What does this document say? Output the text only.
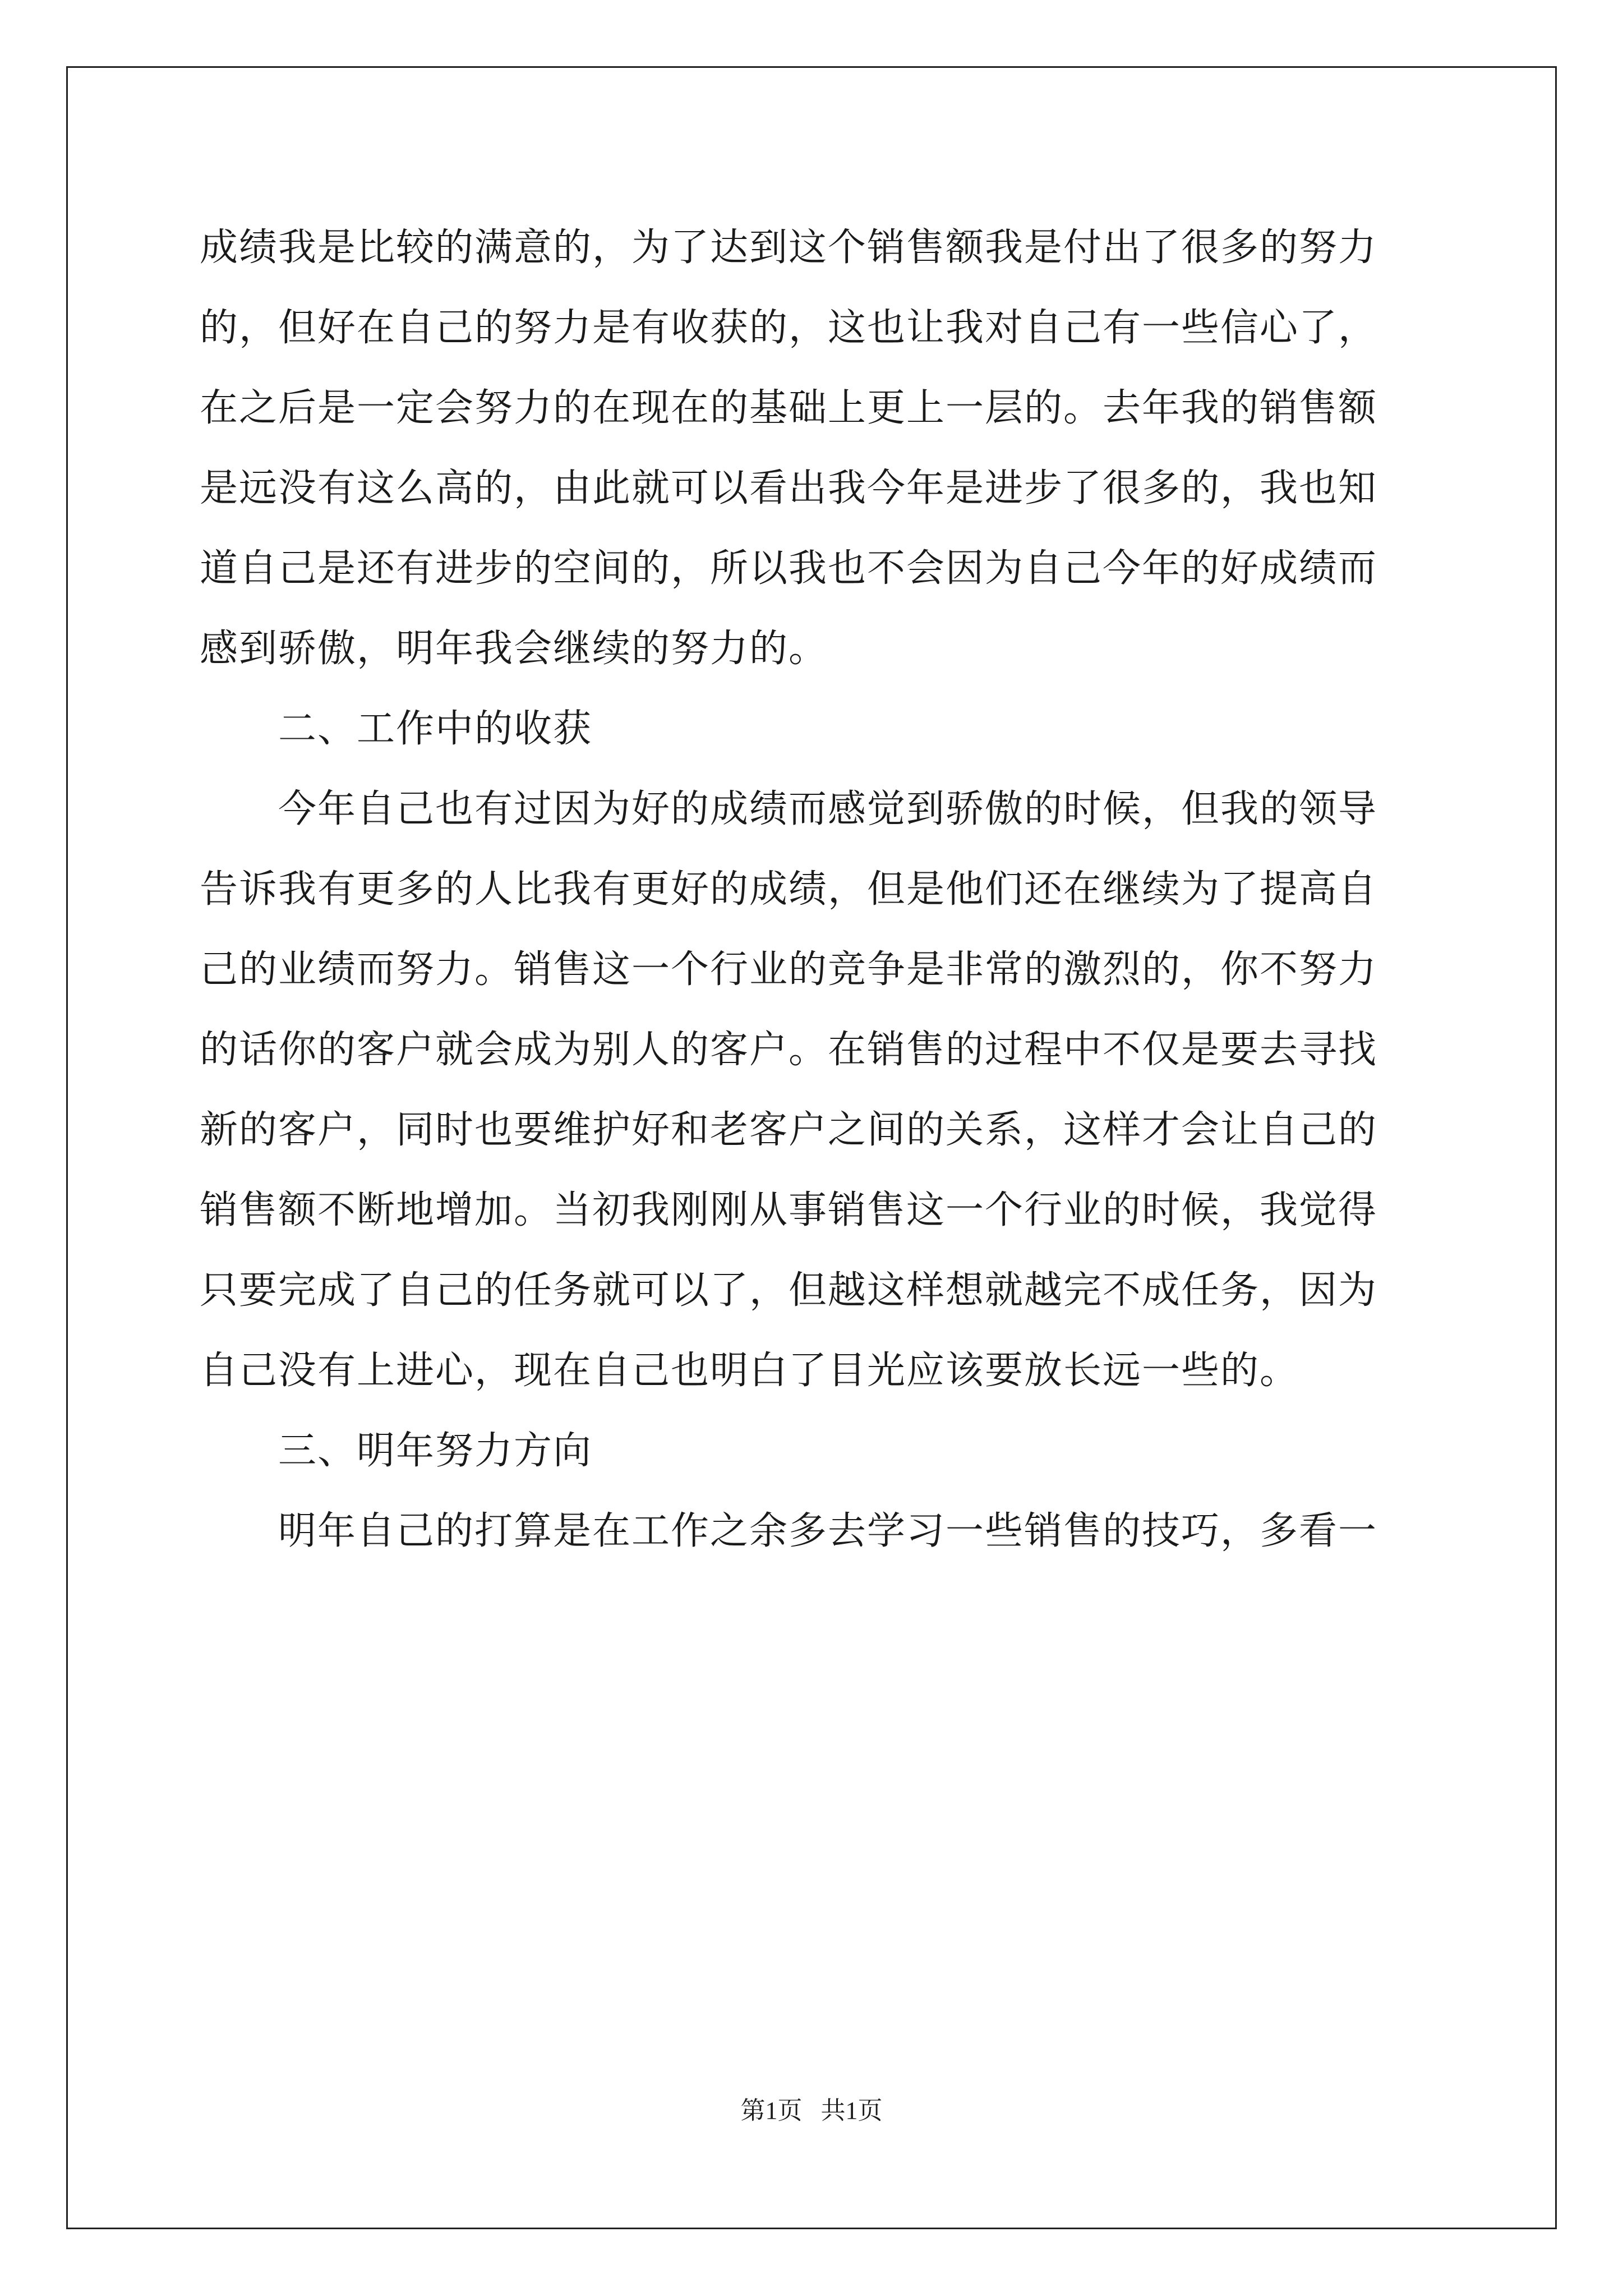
成绩我是比较的满意的，为了达到这个销售额我是付出了很多的努力
的，但好在自己的努力是有收获的，这也让我对自己有一些信心了，
在之后是一定会努力的在现在的基础上更上一层的。去年我的销售额
是远没有这么高的，由此就可以看出我今年是进步了很多的，我也知
道自己是还有进步的空间的，所以我也不会因为自己今年的好成绩而
感到骄傲，明年我会继续的努力的。
二、工作中的收获
今年自己也有过因为好的成绩而感觉到骄傲的时候，但我的领导
告诉我有更多的人比我有更好的成绩，但是他们还在继续为了提高自
己的业绩而努力。销售这一个行业的竞争是非常的激烈的，你不努力
的话你的客户就会成为别人的客户。在销售的过程中不仅是要去寻找
新的客户，同时也要维护好和老客户之间的关系，这样才会让自己的
销售额不断地增加。当初我刚刚从事销售这一个行业的时候，我觉得
只要完成了自己的任务就可以了，但越这样想就越完不成任务，因为
自己没有上进心，现在自己也明白了目光应该要放长远一些的。
三、明年努力方向
明年自己的打算是在工作之余多去学习一些销售的技巧，多看一
第1页   共1页
